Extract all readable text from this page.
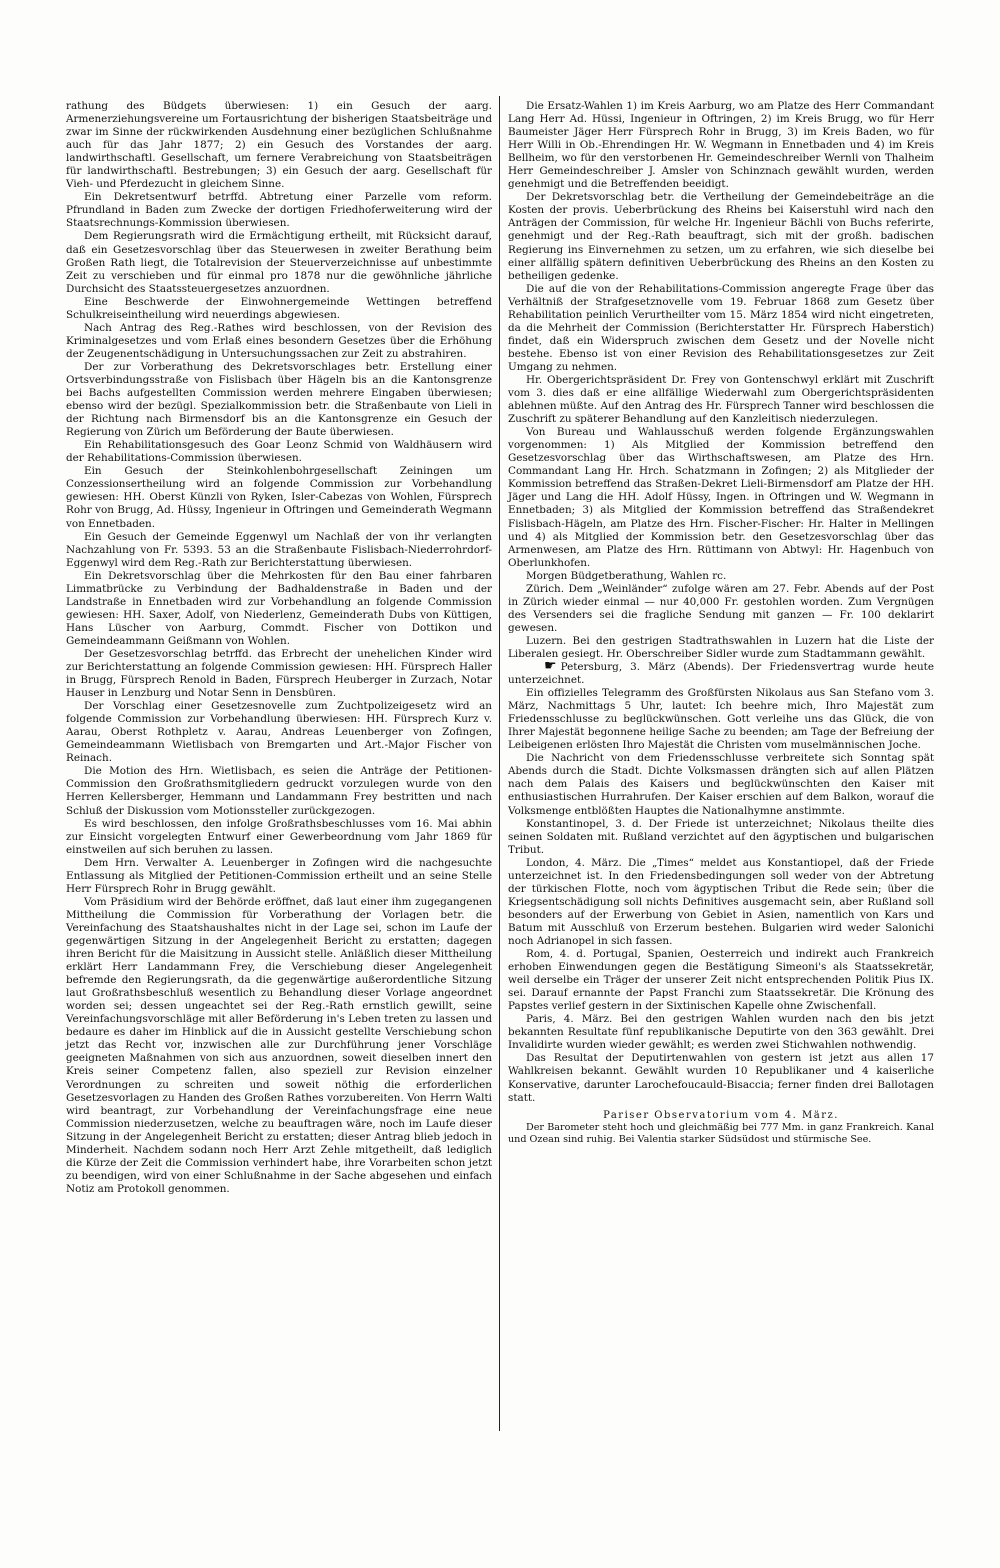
rathung des Büdgets überwiesen: 1) ein Gesuch der aarg. Armenerziehungsvereine um Fortausrichtung der bisherigen Staatsbeiträge und zwar im Sinne der rückwirkenden Ausdehnung einer bezüglichen Schlußnahme auch für das Jahr 1877; 2) ein Gesuch des Vorstandes der aarg. landwirthschaftl. Gesellschaft, um fernere Verabreichung von Staatsbeiträgen für landwirthschaftl. Bestrebungen; 3) ein Gesuch der aarg. Gesellschaft für Vieh- und Pferdezucht in gleichem Sinne.

Ein Dekretsentwurf betrffd. Abtretung einer Parzelle vom reform. Pfrundland in Baden zum Zwecke der dortigen Friedhoferweiterung wird der Staatsrechnungs-Kommission überwiesen.

Dem Regierungsrath wird die Ermächtigung ertheilt, mit Rücksicht darauf, daß ein Gesetzesvorschlag über das Steuerwesen in zweiter Berathung beim Großen Rath liegt, die Totalrevision der Steuerverzeichnisse auf unbestimmte Zeit zu verschieben und für einmal pro 1878 nur die gewöhnliche jährliche Durchsicht des Staatssteuergesetzes anzuordnen.

Eine Beschwerde der Einwohnergemeinde Wettingen betreffend Schulkreiseintheilung wird neuerdings abgewiesen.

Nach Antrag des Reg.-Rathes wird beschlossen, von der Revision des Kriminalgesetzes und vom Erlaß eines besondern Gesetzes über die Erhöhung der Zeugenentschädigung in Untersuchungssachen zur Zeit zu abstrahiren.

Der zur Vorberathung des Dekretsvorschlages betr. Erstellung einer Ortsverbindungsstraße von Fislisbach über Hägeln bis an die Kantonsgrenze bei Bachs aufgestellten Commission werden mehrere Eingaben überwiesen; ebenso wird der bezügl. Spezialkommission betr. die Straßenbaute von Lieli in der Richtung nach Birmensdorf bis an die Kantonsgrenze ein Gesuch der Regierung von Zürich um Beförderung der Baute überwiesen.

Ein Rehabilitationsgesuch des Goar Leonz Schmid von Waldhäusern wird der Rehabilitations-Commission überwiesen.

Ein Gesuch der Steinkohlenbohrgesellschaft Zeiningen um Conzessionsertheilung wird an folgende Commission zur Vorbehandlung gewiesen: HH. Oberst Künzli von Ryken, Isler-Cabezas von Wohlen, Fürsprech Rohr von Brugg, Ad. Hüssy, Ingenieur in Oftringen und Gemeinderath Wegmann von Ennetbaden.

Ein Gesuch der Gemeinde Eggenwyl um Nachlaß der von ihr verlangten Nachzahlung von Fr. 5393. 53 an die Straßenbaute Fislisbach-Niederrohrdorf-Eggenwyl wird dem Reg.-Rath zur Berichterstattung überwiesen.

Ein Dekretsvorschlag über die Mehrkosten für den Bau einer fahrbaren Limmatbrücke zu Verbindung der Badhaldenstraße in Baden und der Landstraße in Ennetbaden wird zur Vorbehandlung an folgende Commission gewiesen: HH. Saxer, Adolf, von Niederlenz, Gemeinderath Dubs von Küttigen, Hans Lüscher von Aarburg, Commdt. Fischer von Dottikon und Gemeindeammann Geißmann von Wohlen.

Der Gesetzesvorschlag betrffd. das Erbrecht der unehelichen Kinder wird zur Berichterstattung an folgende Commission gewiesen: HH. Fürsprech Haller in Brugg, Fürsprech Renold in Baden, Fürsprech Heuberger in Zurzach, Notar Hauser in Lenzburg und Notar Senn in Densbüren.

Der Vorschlag einer Gesetzesnovelle zum Zuchtpolizeigesetz wird an folgende Commission zur Vorbehandlung überwiesen: HH. Fürsprech Kurz v. Aarau, Oberst Rothpletz v. Aarau, Andreas Leuenberger von Zofingen, Gemeindeammann Wietlisbach von Bremgarten und Art.-Major Fischer von Reinach.

Die Motion des Hrn. Wietlisbach, es seien die Anträge der Petitionen-Commission den Großrathsmitgliedern gedruckt vorzulegen wurde von den Herren Kellersberger, Hemmann und Landammann Frey bestritten und nach Schluß der Diskussion vom Motionssteller zurückgezogen.

Es wird beschlossen, den infolge Großrathsbeschlusses vom 16. Mai abhin zur Einsicht vorgelegten Entwurf einer Gewerbeordnung vom Jahr 1869 für einstweilen auf sich beruhen zu lassen.

Dem Hrn. Verwalter A. Leuenberger in Zofingen wird die nachgesuchte Entlassung als Mitglied der Petitionen-Commission ertheilt und an seine Stelle Herr Fürsprech Rohr in Brugg gewählt.

Vom Präsidium wird der Behörde eröffnet, daß laut einer ihm zugegangenen Mittheilung die Commission für Vorberathung der Vorlagen betr. die Vereinfachung des Staatshaushaltes nicht in der Lage sei, schon im Laufe der gegenwärtigen Sitzung in der Angelegenheit Bericht zu erstatten; dagegen ihren Bericht für die Maisitzung in Aussicht stelle. Anläßlich dieser Mittheilung erklärt Herr Landammann Frey, die Verschiebung dieser Angelegenheit befremde den Regierungsrath, da die gegenwärtige außerordentliche Sitzung laut Großrathsbeschluß wesentlich zu Behandlung dieser Vorlage angeordnet worden sei; dessen ungeachtet sei der Reg.-Rath ernstlich gewillt, seine Vereinfachungsvorschläge mit aller Beförderung in's Leben treten zu lassen und bedaure es daher im Hinblick auf die in Aussicht gestellte Verschiebung schon jetzt das Recht vor, inzwischen alle zur Durchführung jener Vorschläge geeigneten Maßnahmen von sich aus anzuordnen, soweit dieselben innert den Kreis seiner Competenz fallen, also speziell zur Revision einzelner Verordnungen zu schreiten und soweit nöthig die erforderlichen Gesetzesvorlagen zu Handen des Großen Rathes vorzubereiten. Von Herrn Walti wird beantragt, zur Vorbehandlung der Vereinfachungsfrage eine neue Commission niederzusetzen, welche zu beauftragen wäre, noch im Laufe dieser Sitzung in der Angelegenheit Bericht zu erstatten; dieser Antrag blieb jedoch in Minderheit. Nachdem sodann noch Herr Arzt Zehle mitgetheilt, daß lediglich die Kürze der Zeit die Commission verhindert habe, ihre Vorarbeiten schon jetzt zu beendigen, wird von einer Schlußnahme in der Sache abgesehen und einfach Notiz am Protokoll genommen.

Die Ersatz-Wahlen 1) im Kreis Aarburg, wo am Platze des Herr Commandant Lang Herr Ad. Hüssi, Ingenieur in Oftringen, 2) im Kreis Brugg, wo für Herr Baumeister Jäger Herr Fürsprech Rohr in Brugg, 3) im Kreis Baden, wo für Herr Willi in Ob.-Ehrendingen Hr. W. Wegmann in Ennetbaden und 4) im Kreis Bellheim, wo für den verstorbenen Hr. Gemeindeschreiber Wernli von Thalheim Herr Gemeindeschreiber J. Amsler von Schinznach gewählt wurden, werden genehmigt und die Betreffenden beeidigt.

Der Dekretsvorschlag betr. die Vertheilung der Gemeindebeiträge an die Kosten der provis. Ueberbrückung des Rheins bei Kaiserstuhl wird nach den Anträgen der Commission, für welche Hr. Ingenieur Bächli von Buchs referirte, genehmigt und der Reg.-Rath beauftragt, sich mit der großh. badischen Regierung ins Einvernehmen zu setzen, um zu erfahren, wie sich dieselbe bei einer allfällig spätern definitiven Ueberbrückung des Rheins an den Kosten zu betheiligen gedenke.

Die auf die von der Rehabilitations-Commission angeregte Frage über das Verhältniß der Strafgesetznovelle vom 19. Februar 1868 zum Gesetz über Rehabilitation peinlich Verurtheilter vom 15. März 1854 wird nicht eingetreten, da die Mehrheit der Commission (Berichterstatter Hr. Fürsprech Haberstich) findet, daß ein Widerspruch zwischen dem Gesetz und der Novelle nicht bestehe. Ebenso ist von einer Revision des Rehabilitationsgesetzes zur Zeit Umgang zu nehmen.

Hr. Obergerichtspräsident Dr. Frey von Gontenschwyl erklärt mit Zuschrift vom 3. dies daß er eine allfällige Wiederwahl zum Obergerichtspräsidenten ablehnen müßte. Auf den Antrag des Hr. Fürsprech Tanner wird beschlossen die Zuschrift zu späterer Behandlung auf den Kanzleitisch niederzulegen.

Von Bureau und Wahlausschuß werden folgende Ergänzungswahlen vorgenommen: 1) Als Mitglied der Kommission betreffend den Gesetzesvorschlag über das Wirthschaftswesen, am Platze des Hrn. Commandant Lang Hr. Hrch. Schatzmann in Zofingen; 2) als Mitglieder der Kommission betreffend das Straßen-Dekret Lieli-Birmensdorf am Platze der HH. Jäger und Lang die HH. Adolf Hüssy, Ingen. in Oftringen und W. Wegmann in Ennetbaden; 3) als Mitglied der Kommission betreffend das Straßendekret Fislisbach-Hägeln, am Platze des Hrn. Fischer-Fischer: Hr. Halter in Mellingen und 4) als Mitglied der Kommission betr. den Gesetzesvorschlag über das Armenwesen, am Platze des Hrn. Rüttimann von Abtwyl: Hr. Hagenbuch von Oberlunkhofen.

Morgen Büdgetberathung, Wahlen rc.

Zürich. Dem „Weinländer“ zufolge wären am 27. Febr. Abends auf der Post in Zürich wieder einmal — nur 40,000 Fr. gestohlen worden. Zum Vergnügen des Versenders sei die fragliche Sendung mit ganzen — Fr. 100 deklarirt gewesen.

Luzern. Bei den gestrigen Stadtrathswahlen in Luzern hat die Liste der Liberalen gesiegt. Hr. Oberschreiber Sidler wurde zum Stadtammann gewählt.

☛ Petersburg, 3. März (Abends). Der Friedensvertrag wurde heute unterzeichnet.

Ein offizielles Telegramm des Großfürsten Nikolaus aus San Stefano vom 3. März, Nachmittags 5 Uhr, lautet: Ich beehre mich, Ihro Majestät zum Friedensschlusse zu beglückwünschen. Gott verleihe uns das Glück, die von Ihrer Majestät begonnene heilige Sache zu beenden; am Tage der Befreiung der Leibeigenen erlösten Ihro Majestät die Christen vom muselmännischen Joche.

Die Nachricht von dem Friedensschlusse verbreitete sich Sonntag spät Abends durch die Stadt. Dichte Volksmassen drängten sich auf allen Plätzen nach dem Palais des Kaisers und beglückwünschten den Kaiser mit enthusiastischen Hurrahrufen. Der Kaiser erschien auf dem Balkon, worauf die Volksmenge entblößten Hauptes die Nationalhymne anstimmte.

Konstantinopel, 3. d. Der Friede ist unterzeichnet; Nikolaus theilte dies seinen Soldaten mit. Rußland verzichtet auf den ägyptischen und bulgarischen Tribut.

London, 4. März. Die „Times“ meldet aus Konstantiopel, daß der Friede unterzeichnet ist. In den Friedensbedingungen soll weder von der Abtretung der türkischen Flotte, noch vom ägyptischen Tribut die Rede sein; über die Kriegsentschädigung soll nichts Definitives ausgemacht sein, aber Rußland soll besonders auf der Erwerbung von Gebiet in Asien, namentlich von Kars und Batum mit Ausschluß von Erzerum bestehen. Bulgarien wird weder Salonichi noch Adrianopel in sich fassen.

Rom, 4. d. Portugal, Spanien, Oesterreich und indirekt auch Frankreich erhoben Einwendungen gegen die Bestätigung Simeoni's als Staatssekretär, weil derselbe ein Träger der unserer Zeit nicht entsprechenden Politik Pius IX. sei. Darauf ernannte der Papst Franchi zum Staatssekretär. Die Krönung des Papstes verlief gestern in der Sixtinischen Kapelle ohne Zwischenfall.

Paris, 4. März. Bei den gestrigen Wahlen wurden nach den bis jetzt bekannten Resultate fünf republikanische Deputirte von den 363 gewählt. Drei Invalidirte wurden wieder gewählt; es werden zwei Stichwahlen nothwendig.

Das Resultat der Deputirtenwahlen von gestern ist jetzt aus allen 17 Wahlkreisen bekannt. Gewählt wurden 10 Republikaner und 4 kaiserliche Konservative, darunter Larochefoucauld-Bisaccia; ferner finden drei Ballotagen statt.

Pariser Observatorium vom 4. März.

Der Barometer steht hoch und gleichmäßig bei 777 Mm. in ganz Frankreich. Kanal und Ozean sind ruhig. Bei Valentia starker Südsüdost und stürmische See.
